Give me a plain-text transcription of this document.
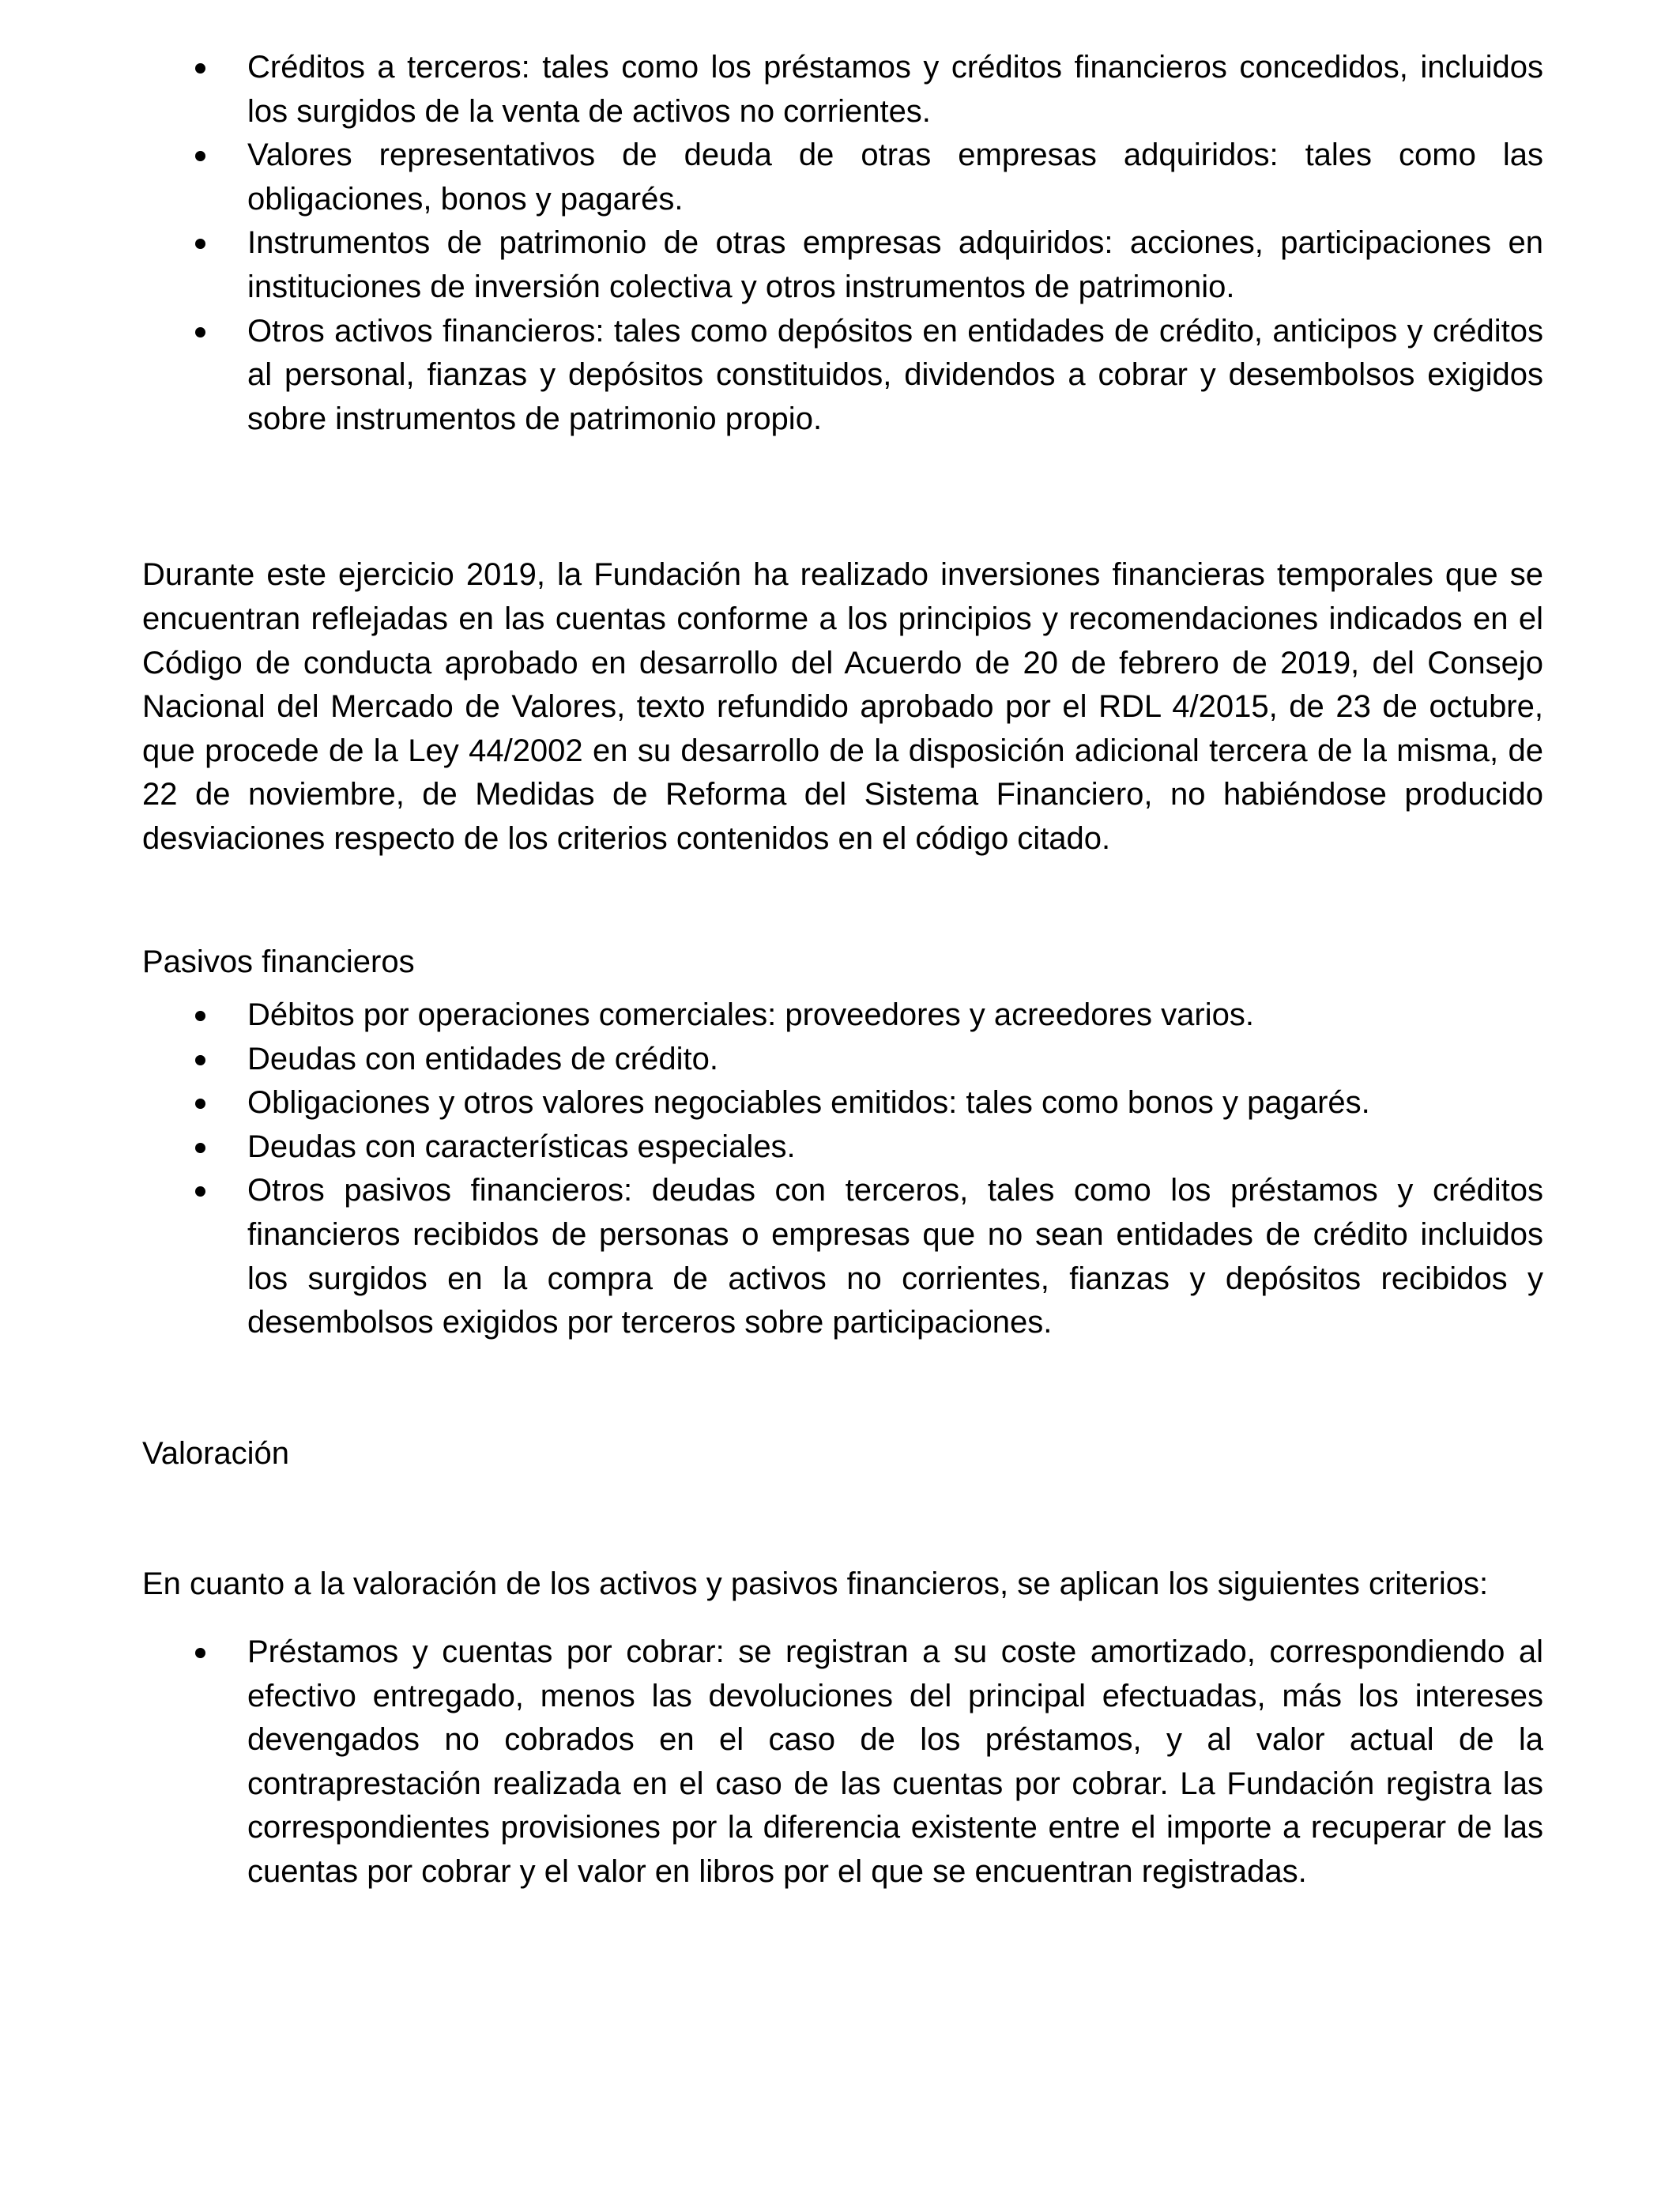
Créditos a terceros: tales como los préstamos y créditos financieros concedidos, incluidos los surgidos de la venta de activos no corrientes.
Valores representativos de deuda de otras empresas adquiridos: tales como las obligaciones, bonos y pagarés.
Instrumentos de patrimonio de otras empresas adquiridos: acciones, participaciones en instituciones de inversión colectiva y otros instrumentos de patrimonio.
Otros activos financieros: tales como depósitos en entidades de crédito, anticipos y créditos al personal, fianzas y depósitos constituidos, dividendos a cobrar y desembolsos exigidos sobre instrumentos de patrimonio propio.

Durante este ejercicio 2019, la Fundación ha realizado inversiones financieras temporales que se encuentran reflejadas en las cuentas conforme a los principios y recomendaciones indicados en el Código de conducta aprobado en desarrollo del Acuerdo de 20 de febrero de 2019, del Consejo Nacional del Mercado de Valores, texto refundido aprobado por el RDL 4/2015, de 23 de octubre, que procede de la Ley 44/2002 en su desarrollo de la disposición adicional tercera de la misma, de 22 de noviembre, de Medidas de Reforma del Sistema Financiero, no habiéndose producido desviaciones respecto de los criterios contenidos en el código citado.

Pasivos financieros

Débitos por operaciones comerciales: proveedores y acreedores varios.
Deudas con entidades de crédito.
Obligaciones y otros valores negociables emitidos: tales como bonos y pagarés.
Deudas con características especiales.
Otros pasivos financieros: deudas con terceros, tales como los préstamos y créditos financieros recibidos de personas o empresas que no sean entidades de crédito incluidos los surgidos en la compra de activos no corrientes, fianzas y depósitos recibidos y desembolsos exigidos por terceros sobre participaciones.

Valoración

En cuanto a la valoración de los activos y pasivos financieros, se aplican los siguientes criterios:

Préstamos y cuentas por cobrar: se registran a su coste amortizado, correspondiendo al efectivo entregado, menos las devoluciones del principal efectuadas, más los intereses devengados no cobrados en el caso de los préstamos, y al valor actual de la contraprestación realizada en el caso de las cuentas por cobrar. La Fundación registra las correspondientes provisiones por la diferencia existente entre el importe a recuperar de las cuentas por cobrar y el valor en libros por el que se encuentran registradas.
